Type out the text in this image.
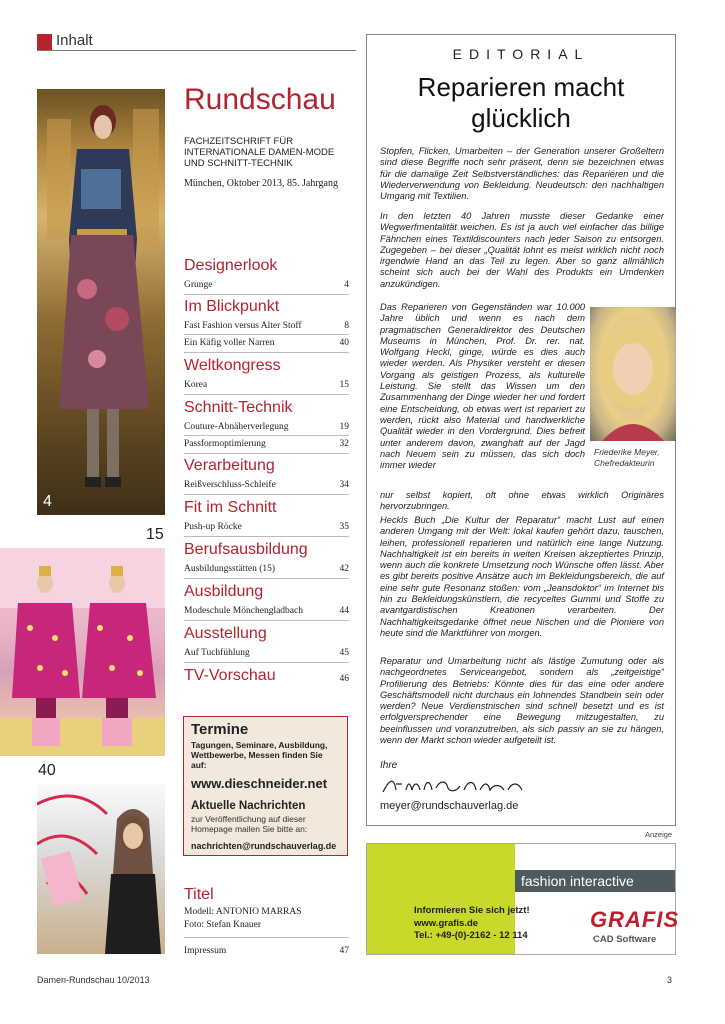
Inhalt
4
15
40
Rundschau
FACHZEITSCHRIFT FÜR INTERNATIONALE DAMEN-MODE UND SCHNITT-TECHNIK
München, Oktober 2013, 85. Jahrgang
Designerlook
Grunge	4
Im Blickpunkt
Fast Fashion versus Alter Stoff	8
Ein Käfig voller Narren	40
Weltkongress
Korea	15
Schnitt-Technik
Couture-Abnäherverlegung	19
Passformoptimierung	32
Verarbeitung
Reißverschluss-Schleife	34
Fit im Schnitt
Push-up Röcke	35
Berufsausbildung
Ausbildungsstätten (15)	42
Ausbildung
Modeschule Mönchengladbach	44
Ausstellung
Auf Tuchfühlung	45
TV-Vorschau	46
Termine
Tagungen, Seminare, Ausbildung, Wettbewerbe, Messen finden Sie auf:
www.dieschneider.net
Aktuelle Nachrichten
zur Veröffentlichung auf dieser Homepage mailen Sie bitte an:
nachrichten@rundschauverlag.de
Titel
Modell: ANTONIO MARRAS
Foto: Stefan Knauer
Impressum	47
EDITORIAL
Reparieren macht glücklich
Stopfen, Flicken, Umarbeiten – der Generation unserer Großeltern sind diese Begriffe noch sehr präsent, denn sie bezeichnen etwas für die damalige Zeit Selbstverständliches: das Reparieren und die Wiederverwendung von Bekleidung. Neudeutsch: den nachhaltigen Umgang mit Textilien.
In den letzten 40 Jahren musste dieser Gedanke einer Wegwerfmentalität weichen. Es ist ja auch viel einfacher das billige Fähnchen eines Textildiscounters nach jeder Saison zu entsorgen. Zugegeben – bei dieser „Qualität lohnt es meist wirklich nicht noch irgendwie Hand an das Teil zu legen. Aber so ganz allmählich scheint sich auch bei der Wahl des Produkts ein Umdenken anzukündigen.
Das Reparieren von Gegenständen war 10.000 Jahre üblich und wenn es nach dem pragmatischen Generaldirektor des Deutschen Museums in München, Prof. Dr. rer. nat. Wolfgang Heckl, ginge, würde es dies auch wieder werden. Als Physiker versteht er diesen Vorgang als geistigen Prozess, als kulturelle Leistung. Sie stellt das Wissen um den Zusammenhang der Dinge wieder her und fordert eine Entscheidung, ob etwas wert ist repariert zu werden, rückt also Material und handwerkliche Qualität wieder in den Vordergrund. Dies befreit unter anderem davon, zwanghaft auf der Jagd nach Neuem sein zu müssen, das sich doch immer wieder
nur selbst kopiert, oft ohne etwas wirklich Originäres hervorzubringen.
Heckls Buch „Die Kultur der Reparatur“ macht Lust auf einen anderen Umgang mit der Welt: lokal kaufen gehört dazu, tauschen, leihen, professionell reparieren und natürlich eine lange Nutzung. Nachhaltigkeit ist ein bereits in weiten Kreisen akzeptiertes Prinzip, wenn auch die konkrete Umsetzung noch Wünsche offen lässt. Aber es gibt bereits positive Ansätze auch im Bekleidungsbereich, die auf eine sehr gute Resonanz stoßen: vom „Jeansdoktor“ im Internet bis hin zu Bekleidungskünstlern, die recyceltes Gummi und Stoffe zu avantgardistischen Kreationen verarbeiten. Der Nachhaltigkeitsgedanke öffnet neue Nischen und die Pioniere von heute sind die Marktführer von morgen.
Reparatur und Umarbeitung nicht als lästige Zumutung oder als nachgeordnetes Serviceangebot, sondern als „zeitgeistige“ Profilierung des Betriebs: Könnte dies für das eine oder andere Geschäftsmodell nicht durchaus ein lohnendes Standbein sein oder werden? Neue Verdienstnischen sind schnell besetzt und es ist erfolgversprechender eine Bewegung mitzugestalten, zu beeinflussen und voranzutreiben, als sich passiv an sie zu hängen, wenn der Markt schon wieder aufgeteilt ist.
Friederike Meyer,
Chefredakteurin
Ihre
meyer@rundschauverlag.de
Anzeige
fashion interactive
Informieren Sie sich jetzt!
www.grafis.de
Tel.: +49-(0)-2162 - 12 114
GRAFIS
CAD Software
Damen-Rundschau 10/2013	3
